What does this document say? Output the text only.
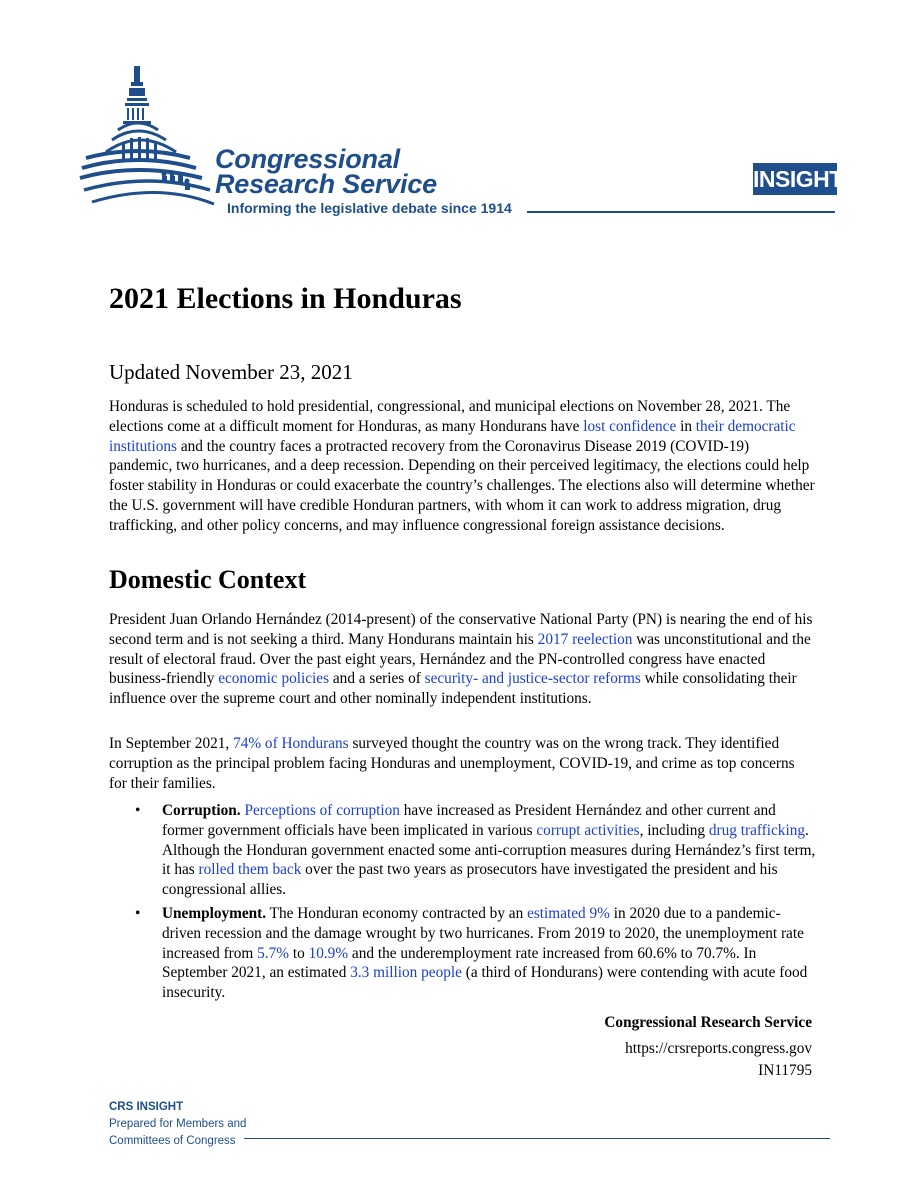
Congressional
Research Service
Informing the legislative debate since 1914
INSIGHT
2021 Elections in Honduras
Updated November 23, 2021

Honduras is scheduled to hold presidential, congressional, and municipal elections on November 28, 2021. The elections come at a difficult moment for Honduras, as many Hondurans have lost confidence in their democratic institutions and the country faces a protracted recovery from the Coronavirus Disease 2019 (COVID-19) pandemic, two hurricanes, and a deep recession. Depending on their perceived legitimacy, the elections could help foster stability in Honduras or could exacerbate the country’s challenges. The elections also will determine whether the U.S. government will have credible Honduran partners, with whom it can work to address migration, drug trafficking, and other policy concerns, and may influence congressional foreign assistance decisions.

Domestic Context

President Juan Orlando Hernández (2014-present) of the conservative National Party (PN) is nearing the end of his second term and is not seeking a third. Many Hondurans maintain his 2017 reelection was unconstitutional and the result of electoral fraud. Over the past eight years, Hernández and the PN-controlled congress have enacted business-friendly economic policies and a series of security- and justice-sector reforms while consolidating their influence over the supreme court and other nominally independent institutions.

In September 2021, 74% of Hondurans surveyed thought the country was on the wrong track. They identified corruption as the principal problem facing Honduras and unemployment, COVID-19, and crime as top concerns for their families.

• Corruption. Perceptions of corruption have increased as President Hernández and other current and former government officials have been implicated in various corrupt activities, including drug trafficking. Although the Honduran government enacted some anti-corruption measures during Hernández’s first term, it has rolled them back over the past two years as prosecutors have investigated the president and his congressional allies.
• Unemployment. The Honduran economy contracted by an estimated 9% in 2020 due to a pandemic-driven recession and the damage wrought by two hurricanes. From 2019 to 2020, the unemployment rate increased from 5.7% to 10.9% and the underemployment rate increased from 60.6% to 70.7%. In September 2021, an estimated 3.3 million people (a third of Hondurans) were contending with acute food insecurity.
Congressional Research Service
https://crsreports.congress.gov
IN11795
CRS INSIGHT
Prepared for Members and
Committees of Congress
